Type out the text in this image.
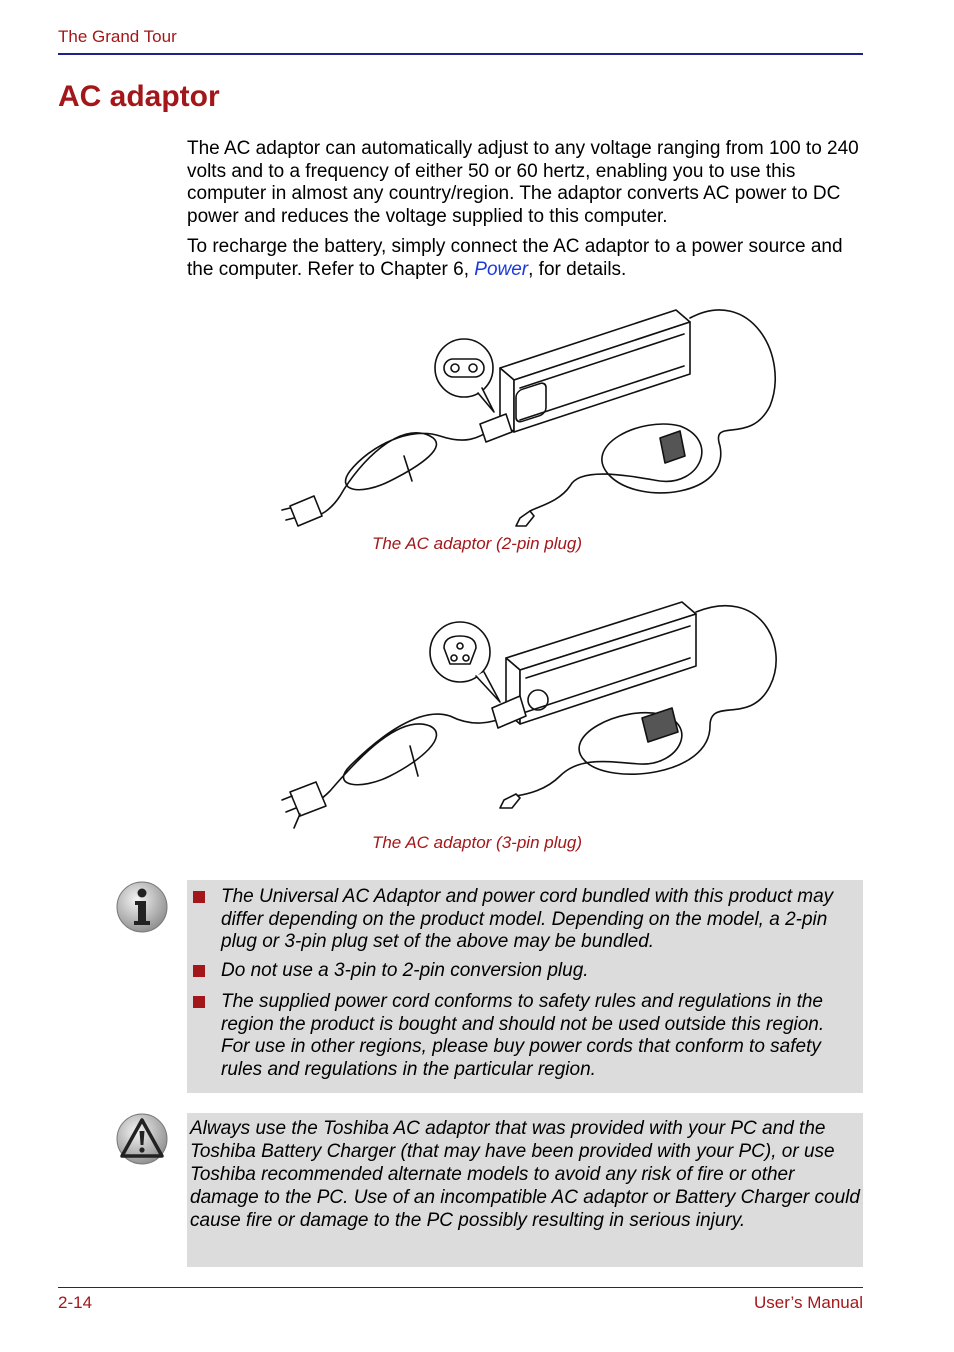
The Grand Tour
AC adaptor

The AC adaptor can automatically adjust to any voltage ranging from 100 to 240 volts and to a frequency of either 50 or 60 hertz, enabling you to use this computer in almost any country/region. The adaptor converts AC power to DC power and reduces the voltage supplied to this computer.

To recharge the battery, simply connect the AC adaptor to a power source and the computer. Refer to Chapter 6, Power, for details.

The AC adaptor (2-pin plug)
The AC adaptor (3-pin plug)

The Universal AC Adaptor and power cord bundled with this product may differ depending on the product model. Depending on the model, a 2-pin plug or 3-pin plug set of the above may be bundled.

Do not use a 3-pin to 2-pin conversion plug.

The supplied power cord conforms to safety rules and regulations in the region the product is bought and should not be used outside this region. For use in other regions, please buy power cords that conform to safety rules and regulations in the particular region.

Always use the Toshiba AC adaptor that was provided with your PC and the Toshiba Battery Charger (that may have been provided with your PC), or use Toshiba recommended alternate models to avoid any risk of fire or other damage to the PC. Use of an incompatible AC adaptor or Battery Charger could cause fire or damage to the PC possibly resulting in serious injury.

2-14	User’s Manual
